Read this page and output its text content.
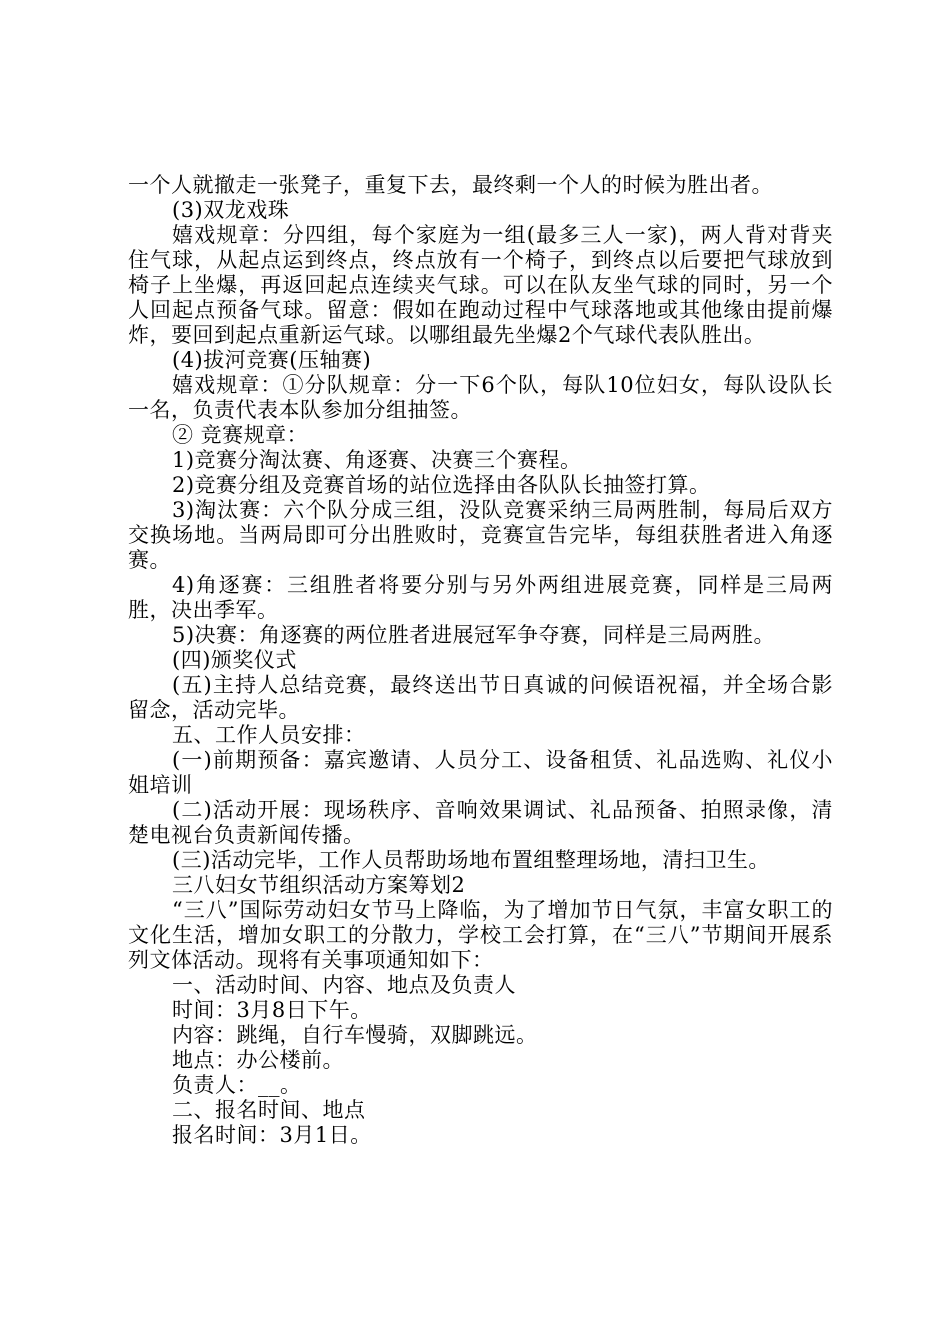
一个人就撤走一张凳子，重复下去，最终剩一个人的时候为胜出者。

(3)双龙戏珠

嬉戏规章：分四组，每个家庭为一组(最多三人一家)，两人背对背夹住气球，从起点运到终点，终点放有一个椅子，到终点以后要把气球放到椅子上坐爆，再返回起点连续夹气球。可以在队友坐气球的同时，另一个人回起点预备气球。留意：假如在跑动过程中气球落地或其他缘由提前爆炸，要回到起点重新运气球。以哪组最先坐爆2个气球代表队胜出。

(4)拔河竞赛(压轴赛)

嬉戏规章：①分队规章：分一下6个队，每队10位妇女，每队设队长一名，负责代表本队参加分组抽签。

② 竞赛规章：

1)竞赛分淘汰赛、角逐赛、决赛三个赛程。

2)竞赛分组及竞赛首场的站位选择由各队队长抽签打算。

3)淘汰赛：六个队分成三组，没队竞赛采纳三局两胜制，每局后双方交换场地。当两局即可分出胜败时，竞赛宣告完毕，每组获胜者进入角逐赛。

4)角逐赛：三组胜者将要分别与另外两组进展竞赛，同样是三局两胜，决出季军。

5)决赛：角逐赛的两位胜者进展冠军争夺赛，同样是三局两胜。

(四)颁奖仪式

(五)主持人总结竞赛，最终送出节日真诚的问候语祝福，并全场合影留念，活动完毕。

五、工作人员安排：

(一)前期预备：嘉宾邀请、人员分工、设备租赁、礼品选购、礼仪小姐培训

(二)活动开展：现场秩序、音响效果调试、礼品预备、拍照录像，清楚电视台负责新闻传播。

(三)活动完毕，工作人员帮助场地布置组整理场地，清扫卫生。

三八妇女节组织活动方案筹划2

“三八”国际劳动妇女节马上降临，为了增加节日气氛，丰富女职工的文化生活，增加女职工的分散力，学校工会打算，在“三八”节期间开展系列文体活动。现将有关事项通知如下：

一、活动时间、内容、地点及负责人

时间：3月8日下午。

内容：跳绳，自行车慢骑，双脚跳远。

地点：办公楼前。

负责人：__。

二、报名时间、地点

报名时间：3月1日。
